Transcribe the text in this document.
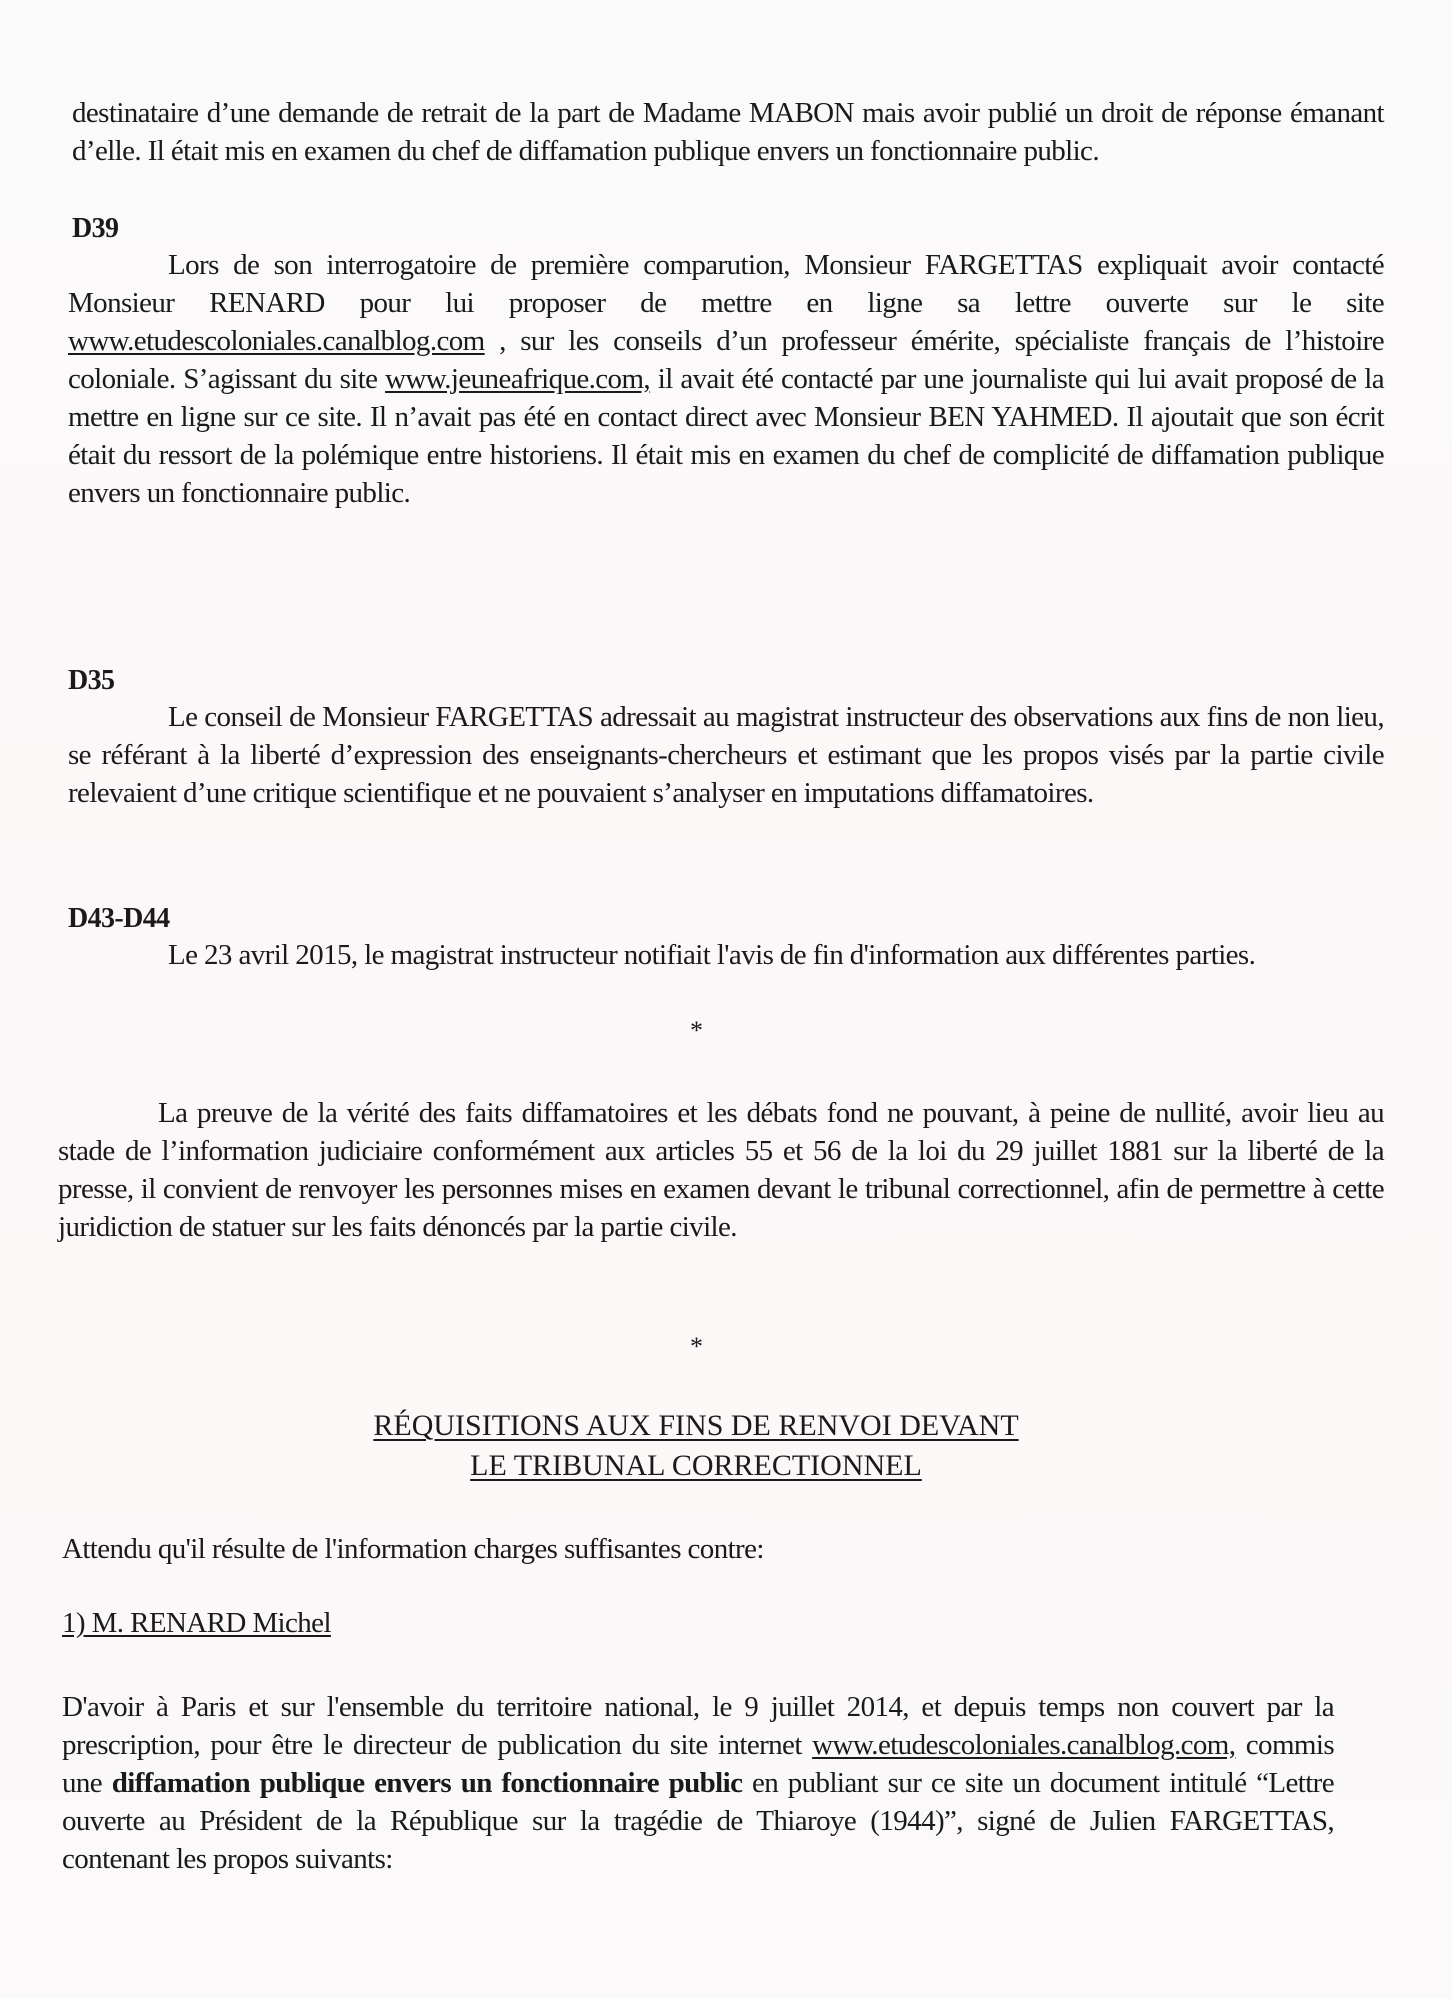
destinataire d’une demande de retrait de la part de Madame MABON mais avoir publié un droit de réponse émanant d’elle. Il était mis en examen du chef de diffamation publique envers un fonctionnaire public.
D39
Lors de son interrogatoire de première comparution, Monsieur FARGETTAS expliquait avoir contacté Monsieur RENARD pour lui proposer de mettre en ligne sa lettre ouverte sur le site www.etudescoloniales.canalblog.com , sur les conseils d’un professeur émérite, spécialiste français de l’histoire coloniale. S’agissant du site www.jeuneafrique.com, il avait été contacté par une journaliste qui lui avait proposé de la mettre en ligne sur ce site. Il n’avait pas été en contact direct avec Monsieur BEN YAHMED. Il ajoutait que son écrit était du ressort de la polémique entre historiens. Il était mis en examen du chef de complicité de diffamation publique envers un fonctionnaire public.
D35
Le conseil de Monsieur FARGETTAS adressait au magistrat instructeur des observations aux fins de non lieu, se référant à la liberté d’expression des enseignants-chercheurs et estimant que les propos visés par la partie civile relevaient d’une critique scientifique et ne pouvaient s’analyser en imputations diffamatoires.
D43-D44
Le 23 avril 2015, le magistrat instructeur notifiait l'avis de fin d'information aux différentes parties.
*
La preuve de la vérité des faits diffamatoires et les débats fond ne pouvant, à peine de nullité, avoir lieu au stade de l’information judiciaire conformément aux articles 55 et 56 de la loi du 29 juillet 1881 sur la liberté de la presse, il convient de renvoyer les personnes mises en examen devant le tribunal correctionnel, afin de permettre à cette juridiction de statuer sur les faits dénoncés par la partie civile.
*
RÉQUISITIONS AUX FINS DE RENVOI DEVANT
LE TRIBUNAL CORRECTIONNEL
Attendu qu'il résulte de l'information charges suffisantes contre:
1) M. RENARD Michel
D'avoir à Paris et sur l'ensemble du territoire national, le 9 juillet 2014, et depuis temps non couvert par la prescription, pour être le directeur de publication du site internet www.etudescoloniales.canalblog.com, commis une diffamation publique envers un fonctionnaire public en publiant sur ce site un document intitulé “Lettre ouverte au Président de la République sur la tragédie de Thiaroye (1944)”, signé de Julien FARGETTAS, contenant les propos suivants:
